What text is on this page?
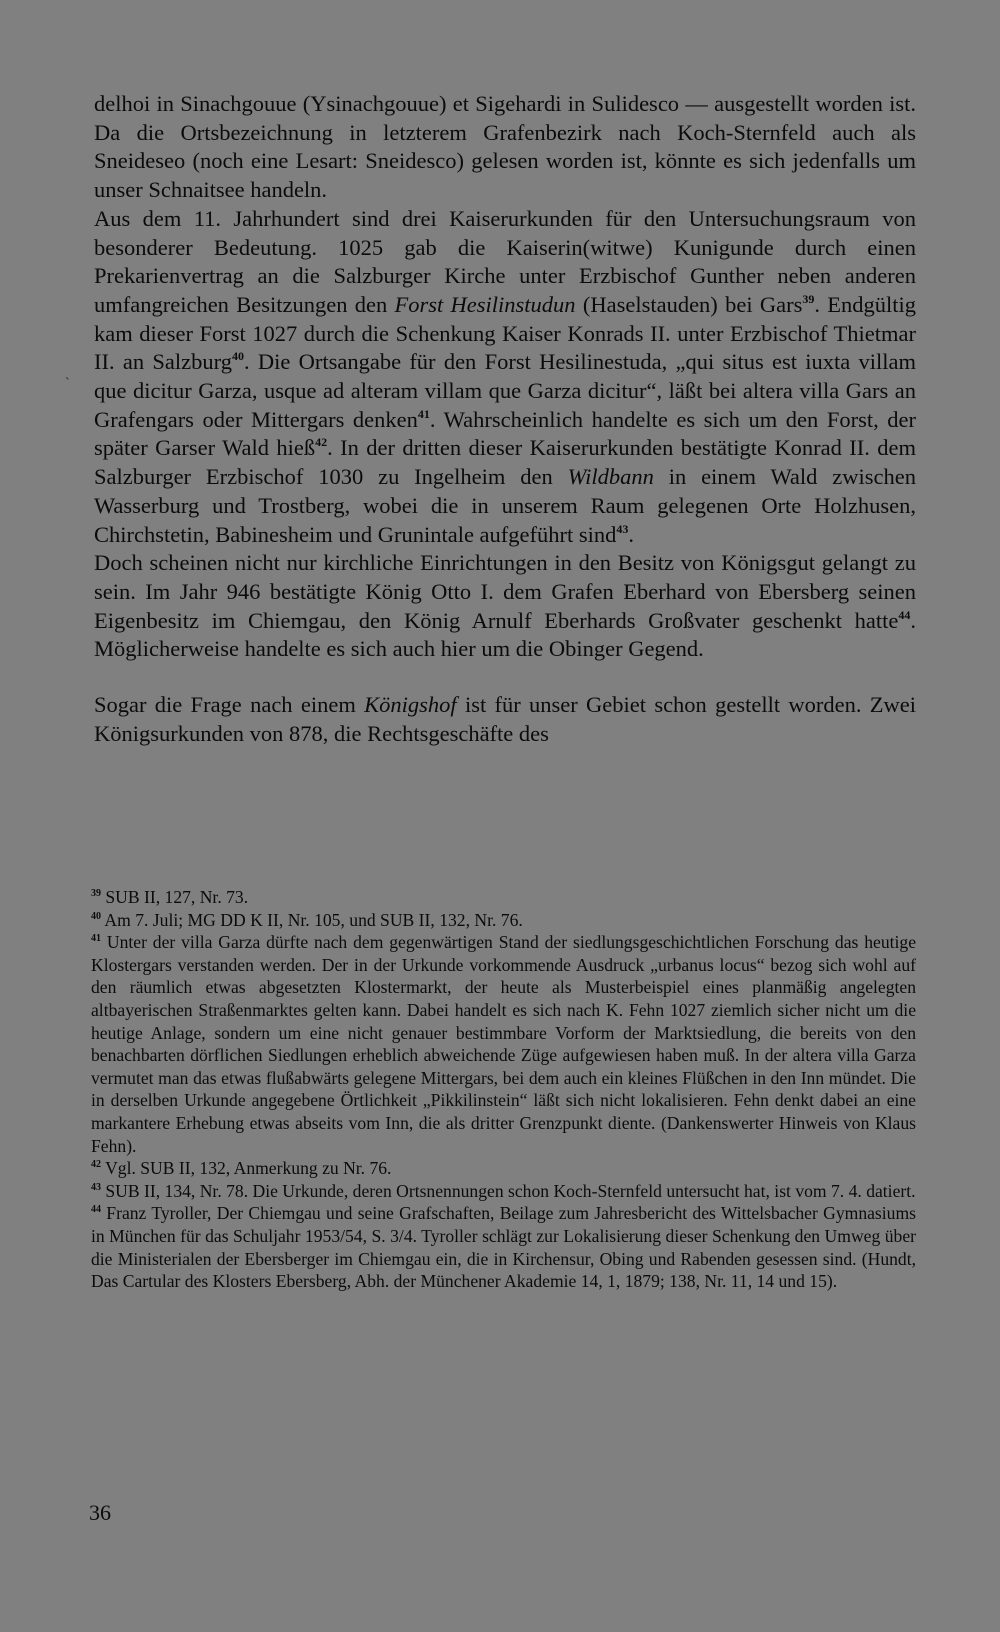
`

delhoi in Sinachgouue (Ysinachgouue) et Sigehardi in Sulidesco — ausgestellt worden ist. Da die Ortsbezeichnung in letzterem Grafenbezirk nach Koch-Sternfeld auch als Sneideseo (noch eine Lesart: Sneidesco) gelesen worden ist, könnte es sich jedenfalls um unser Schnaitsee handeln.

Aus dem 11. Jahrhundert sind drei Kaiserurkunden für den Untersuchungsraum von besonderer Bedeutung. 1025 gab die Kaiserin(witwe) Kunigunde durch einen Prekarienvertrag an die Salzburger Kirche unter Erzbischof Gunther neben anderen umfangreichen Besitzungen den Forst Hesilinstudun (Haselstauden) bei Gars$^{39}$. Endgültig kam dieser Forst 1027 durch die Schenkung Kaiser Konrads II. unter Erzbischof Thietmar II. an Salzburg$^{40}$. Die Ortsangabe für den Forst Hesilinestuda, „qui situs est iuxta villam que dicitur Garza, usque ad alteram villam que Garza dicitur“, läßt bei altera villa Gars an Grafengars oder Mittergars denken$^{41}$. Wahrscheinlich handelte es sich um den Forst, der später Garser Wald hieß$^{42}$. In der dritten dieser Kaiserurkunden bestätigte Konrad II. dem Salzburger Erzbischof 1030 zu Ingelheim den Wildbann in einem Wald zwischen Wasserburg und Trostberg, wobei die in unserem Raum gelegenen Orte Holzhusen, Chirchstetin, Babinesheim und Grunintale aufgeführt sind$^{43}$.

Doch scheinen nicht nur kirchliche Einrichtungen in den Besitz von Königsgut gelangt zu sein. Im Jahr 946 bestätigte König Otto I. dem Grafen Eberhard von Ebersberg seinen Eigenbesitz im Chiemgau, den König Arnulf Eberhards Großvater geschenkt hatte$^{44}$. Möglicherweise handelte es sich auch hier um die Obinger Gegend.

Sogar die Frage nach einem Königshof ist für unser Gebiet schon gestellt worden. Zwei Königsurkunden von 878, die Rechtsgeschäfte des

$^{39}$ SUB II, 127, Nr. 73.

$^{40}$ Am 7. Juli; MG DD K II, Nr. 105, und SUB II, 132, Nr. 76.

$^{41}$ Unter der villa Garza dürfte nach dem gegenwärtigen Stand der siedlungsgeschichtlichen Forschung das heutige Klostergars verstanden werden. Der in der Urkunde vorkommende Ausdruck „urbanus locus“ bezog sich wohl auf den räumlich etwas abgesetzten Klostermarkt, der heute als Musterbeispiel eines planmäßig angelegten altbayerischen Straßenmarktes gelten kann. Dabei handelt es sich nach K. Fehn 1027 ziemlich sicher nicht um die heutige Anlage, sondern um eine nicht genauer bestimmbare Vorform der Marktsiedlung, die bereits von den benachbarten dörflichen Siedlungen erheblich abweichende Züge aufgewiesen haben muß. In der altera villa Garza vermutet man das etwas flußabwärts gelegene Mittergars, bei dem auch ein kleines Flüßchen in den Inn mündet. Die in derselben Urkunde angegebene Örtlichkeit „Pikkilinstein“ läßt sich nicht lokalisieren. Fehn denkt dabei an eine markantere Erhebung etwas abseits vom Inn, die als dritter Grenzpunkt diente. (Dankenswerter Hinweis von Klaus Fehn).

$^{42}$ Vgl. SUB II, 132, Anmerkung zu Nr. 76.

$^{43}$ SUB II, 134, Nr. 78. Die Urkunde, deren Ortsnennungen schon Koch-Sternfeld untersucht hat, ist vom 7. 4. datiert.

$^{44}$ Franz Tyroller, Der Chiemgau und seine Grafschaften, Beilage zum Jahresbericht des Wittelsbacher Gymnasiums in München für das Schuljahr 1953/54, S. 3/4. Tyroller schlägt zur Lokalisierung dieser Schenkung den Umweg über die Ministerialen der Ebersberger im Chiemgau ein, die in Kirchensur, Obing und Rabenden gesessen sind. (Hundt, Das Cartular des Klosters Ebersberg, Abh. der Münchener Akademie 14, 1, 1879; 138, Nr. 11, 14 und 15).

36
